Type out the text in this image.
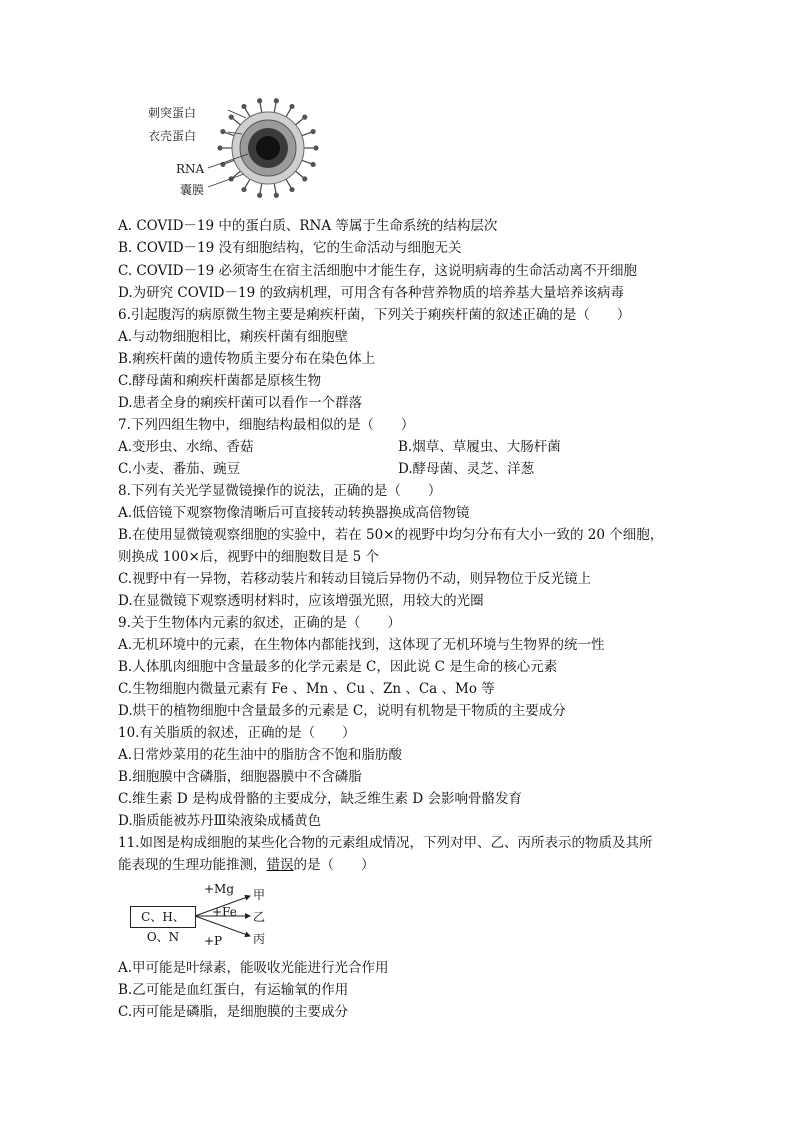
刺突蛋白
衣壳蛋白
RNA
囊膜
A. COVID－19 中的蛋白质、RNA 等属于生命系统的结构层次
B. COVID－19 没有细胞结构，它的生命活动与细胞无关
C. COVID－19 必须寄生在宿主活细胞中才能生存，这说明病毒的生命活动离不开细胞
D.为研究 COVID－19 的致病机理，可用含有各种营养物质的培养基大量培养该病毒
6.引起腹泻的病原微生物主要是痢疾杆菌，下列关于痢疾杆菌的叙述正确的是（　　）
A.与动物细胞相比，痢疾杆菌有细胞壁
B.痢疾杆菌的遗传物质主要分布在染色体上
C.酵母菌和痢疾杆菌都是原核生物
D.患者全身的痢疾杆菌可以看作一个群落
7.下列四组生物中，细胞结构最相似的是（　　）
A.变形虫、水绵、香菇	B.烟草、草履虫、大肠杆菌
C.小麦、番茄、豌豆	D.酵母菌、灵芝、洋葱
8.下列有关光学显微镜操作的说法，正确的是（　　）
A.低倍镜下观察物像清晰后可直接转动转换器换成高倍物镜
B.在使用显微镜观察细胞的实验中，若在 50×的视野中均匀分布有大小一致的 20 个细胞，
则换成 100×后，视野中的细胞数目是 5 个
C.视野中有一异物，若移动装片和转动目镜后异物仍不动，则异物位于反光镜上
D.在显微镜下观察透明材料时，应该增强光照，用较大的光圈
9.关于生物体内元素的叙述，正确的是（　　）
A.无机环境中的元素，在生物体内都能找到，这体现了无机环境与生物界的统一性
B.人体肌肉细胞中含量最多的化学元素是 C，因此说 C 是生命的核心元素
C.生物细胞内微量元素有 Fe 、Mn 、Cu 、Zn 、Ca 、Mo 等
D.烘干的植物细胞中含量最多的元素是 C，说明有机物是干物质的主要成分
10.有关脂质的叙述，正确的是（　　）
A.日常炒菜用的花生油中的脂肪含不饱和脂肪酸
B.细胞膜中含磷脂，细胞器膜中不含磷脂
C.维生素 D 是构成骨骼的主要成分，缺乏维生素 D 会影响骨骼发育
D.脂质能被苏丹Ⅲ染液染成橘黄色
11.如图是构成细胞的某些化合物的元素组成情况，下列对甲、乙、丙所表示的物质及其所
能表现的生理功能推测，错误的是（　　）
C、H、O、N
+Mg 甲
+Fe 乙
+P	丙
A.甲可能是叶绿素，能吸收光能进行光合作用
B.乙可能是血红蛋白，有运输氧的作用
C.丙可能是磷脂，是细胞膜的主要成分
